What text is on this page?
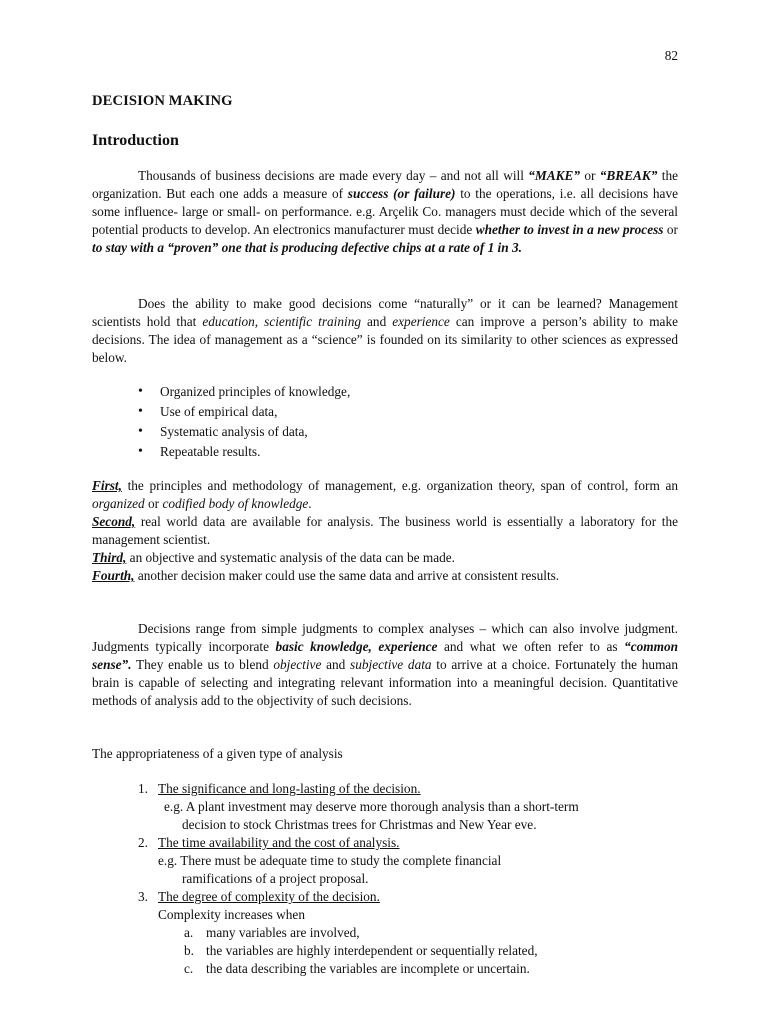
82
DECISION MAKING
Introduction

Thousands of business decisions are made every day – and not all will “MAKE” or “BREAK” the organization. But each one adds a measure of success (or failure) to the operations, i.e. all decisions have some influence- large or small- on performance. e.g. Arçelik Co. managers must decide which of the several potential products to develop. An electronics manufacturer must decide whether to invest in a new process or to stay with a “proven” one that is producing defective chips at a rate of 1 in 3.

Does the ability to make good decisions come “naturally” or it can be learned? Management scientists hold that education, scientific training and experience can improve a person’s ability to make decisions. The idea of management as a “science” is founded on its similarity to other sciences as expressed below.

• Organized principles of knowledge,
• Use of empirical data,
• Systematic analysis of data,
• Repeatable results.

First, the principles and methodology of management, e.g. organization theory, span of control, form an organized or codified body of knowledge.

Second, real world data are available for analysis. The business world is essentially a laboratory for the management scientist.

Third, an objective and systematic analysis of the data can be made.

Fourth, another decision maker could use the same data and arrive at consistent results.

Decisions range from simple judgments to complex analyses – which can also involve judgment. Judgments typically incorporate basic knowledge, experience and what we often refer to as “common sense”. They enable us to blend objective and subjective data to arrive at a choice. Fortunately the human brain is capable of selecting and integrating relevant information into a meaningful decision. Quantitative methods of analysis add to the objectivity of such decisions.

The appropriateness of a given type of analysis
1. The significance and long-lasting of the decision.
e.g. A plant investment may deserve more thorough analysis than a short-term
decision to stock Christmas trees for Christmas and New Year eve.
2. The time availability and the cost of analysis.
e.g. There must be adequate time to study the complete financial
ramifications of a project proposal.
3. The degree of complexity of the decision.
Complexity increases when
a. many variables are involved,
b. the variables are highly interdependent or sequentially related,
c. the data describing the variables are incomplete or uncertain.
